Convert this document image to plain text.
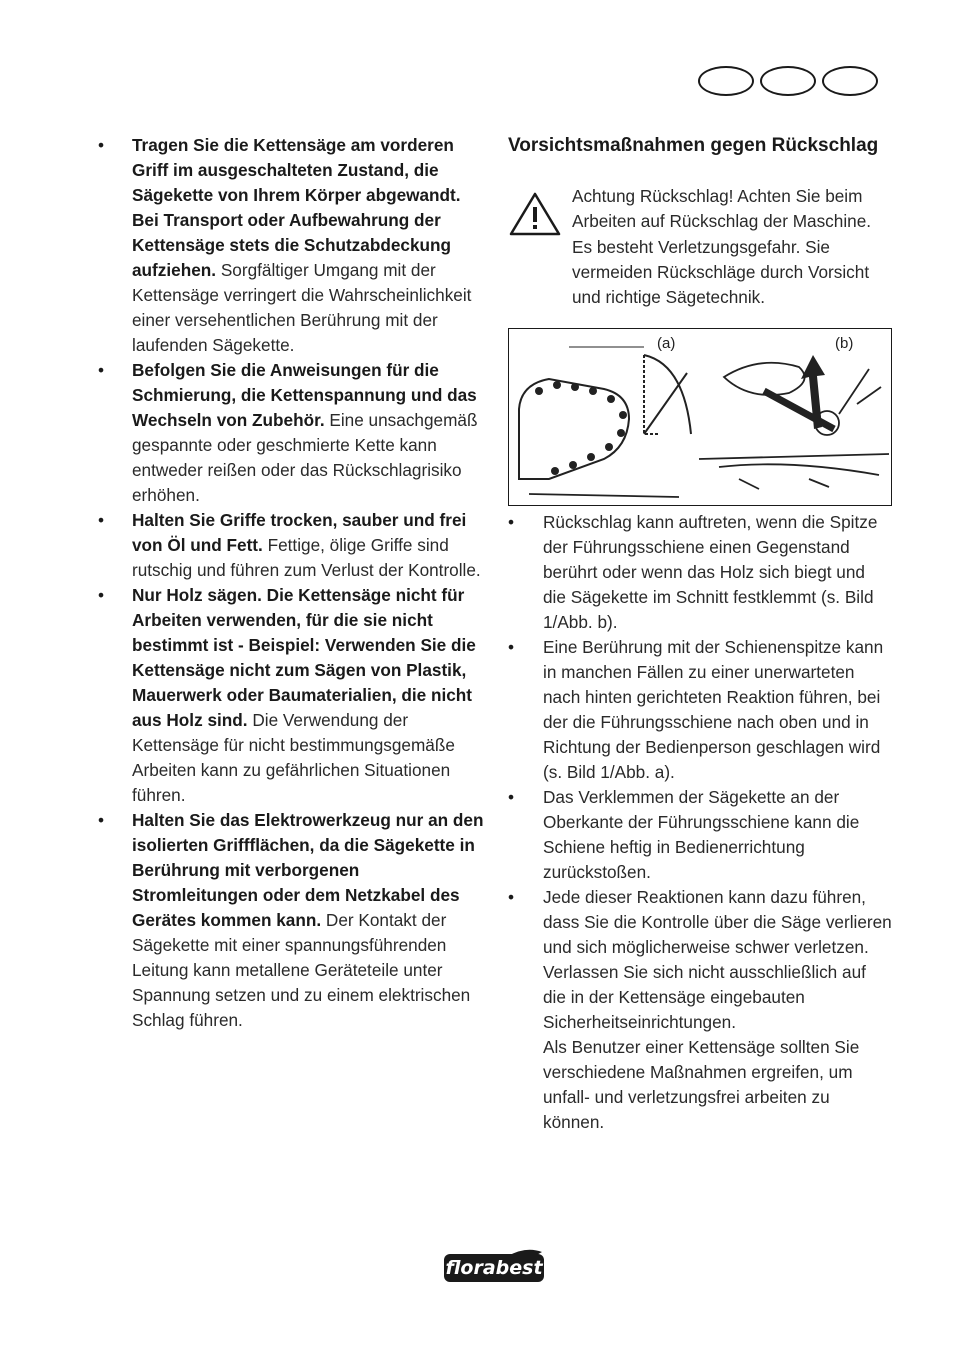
• Tragen Sie die Kettensäge am vorderen Griff im ausgeschalteten Zustand, die Sägekette von Ihrem Körper abgewandt. Bei Transport oder Aufbewahrung der Kettensäge stets die Schutzabdeckung aufziehen. Sorgfältiger Umgang mit der Kettensäge verringert die Wahrscheinlichkeit einer versehentlichen Berührung mit der laufenden Sägekette.

• Befolgen Sie die Anweisungen für die Schmierung, die Kettenspannung und das Wechseln von Zubehör. Eine unsachgemäß gespannte oder geschmierte Kette kann entweder reißen oder das Rückschlagrisiko erhöhen.

• Halten Sie Griffe trocken, sauber und frei von Öl und Fett. Fettige, ölige Griffe sind rutschig und führen zum Verlust der Kontrolle.

• Nur Holz sägen. Die Kettensäge nicht für Arbeiten verwenden, für die sie nicht bestimmt ist - Beispiel: Verwenden Sie die Kettensäge nicht zum Sägen von Plastik, Mauerwerk oder Baumaterialien, die nicht aus Holz sind. Die Verwendung der Kettensäge für nicht bestimmungsgemäße Arbeiten kann zu gefährlichen Situationen führen.

• Halten Sie das Elektrowerkzeug nur an den isolierten Griffflächen, da die Sägekette in Berührung mit verborgenen Stromleitungen oder dem Netzkabel des Gerätes kommen kann. Der Kontakt der Sägekette mit einer spannungsführenden Leitung kann metallene Geräteteile unter Spannung setzen und zu einem elektrischen Schlag führen.

Vorsichtsmaßnahmen gegen Rückschlag
Achtung Rückschlag! Achten Sie beim Arbeiten auf Rückschlag der Maschine. Es besteht Verletzungsgefahr. Sie vermeiden Rückschläge durch Vorsicht und richtige Sägetechnik.
(a)	(b)

• Rückschlag kann auftreten, wenn die Spitze der Führungsschiene einen Gegenstand berührt oder wenn das Holz sich biegt und die Sägekette im Schnitt festklemmt (s. Bild 1/Abb. b).

• Eine Berührung mit der Schienenspitze kann in manchen Fällen zu einer unerwarteten nach hinten gerichteten Reaktion führen, bei der die Führungsschiene nach oben und in Richtung der Bedienperson geschlagen wird (s. Bild 1/Abb. a).

• Das Verklemmen der Sägekette an der Oberkante der Führungsschiene kann die Schiene heftig in Bedienerrichtung zurückstoßen.

• Jede dieser Reaktionen kann dazu führen, dass Sie die Kontrolle über die Säge verlieren und sich möglicherweise schwer verletzen. Verlassen Sie sich nicht ausschließlich auf die in der Kettensäge eingebauten Sicherheitseinrichtungen.

Als Benutzer einer Kettensäge sollten Sie verschiedene Maßnahmen ergreifen, um unfall- und verletzungsfrei arbeiten zu können.
florabest
